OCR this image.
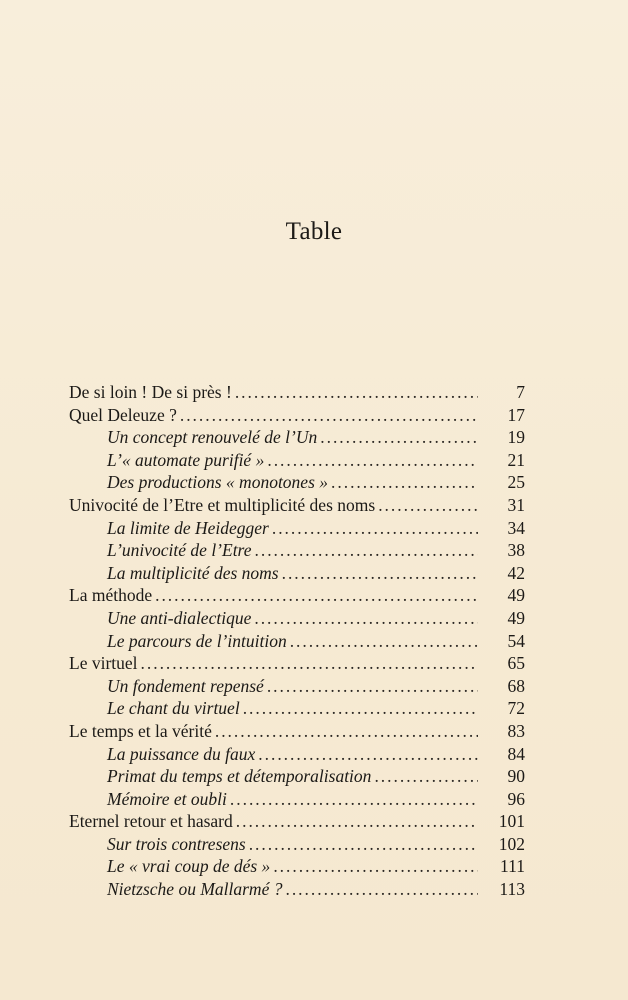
Table
De si loin ! De si près ! . . .	7
Quel Deleuze ? . . .	17
Un concept renouvelé de l’Un . . .	19
L’« automate purifié » . . .	21
Des productions « monotones » . . .	25
Univocité de l’Etre et multiplicité des noms . . .	31
La limite de Heidegger . . .	34
L’univocité de l’Etre . . .	38
La multiplicité des noms . . .	42
La méthode . . .	49
Une anti-dialectique . . .	49
Le parcours de l’intuition . . .	54
Le virtuel . . .	65
Un fondement repensé . . .	68
Le chant du virtuel . . .	72
Le temps et la vérité . . .	83
La puissance du faux . . .	84
Primat du temps et détemporalisation . . .	90
Mémoire et oubli . . .	96
Eternel retour et hasard . . .	101
Sur trois contresens . . .	102
Le « vrai coup de dés » . . .	111
Nietzsche ou Mallarmé ? . . .	113
